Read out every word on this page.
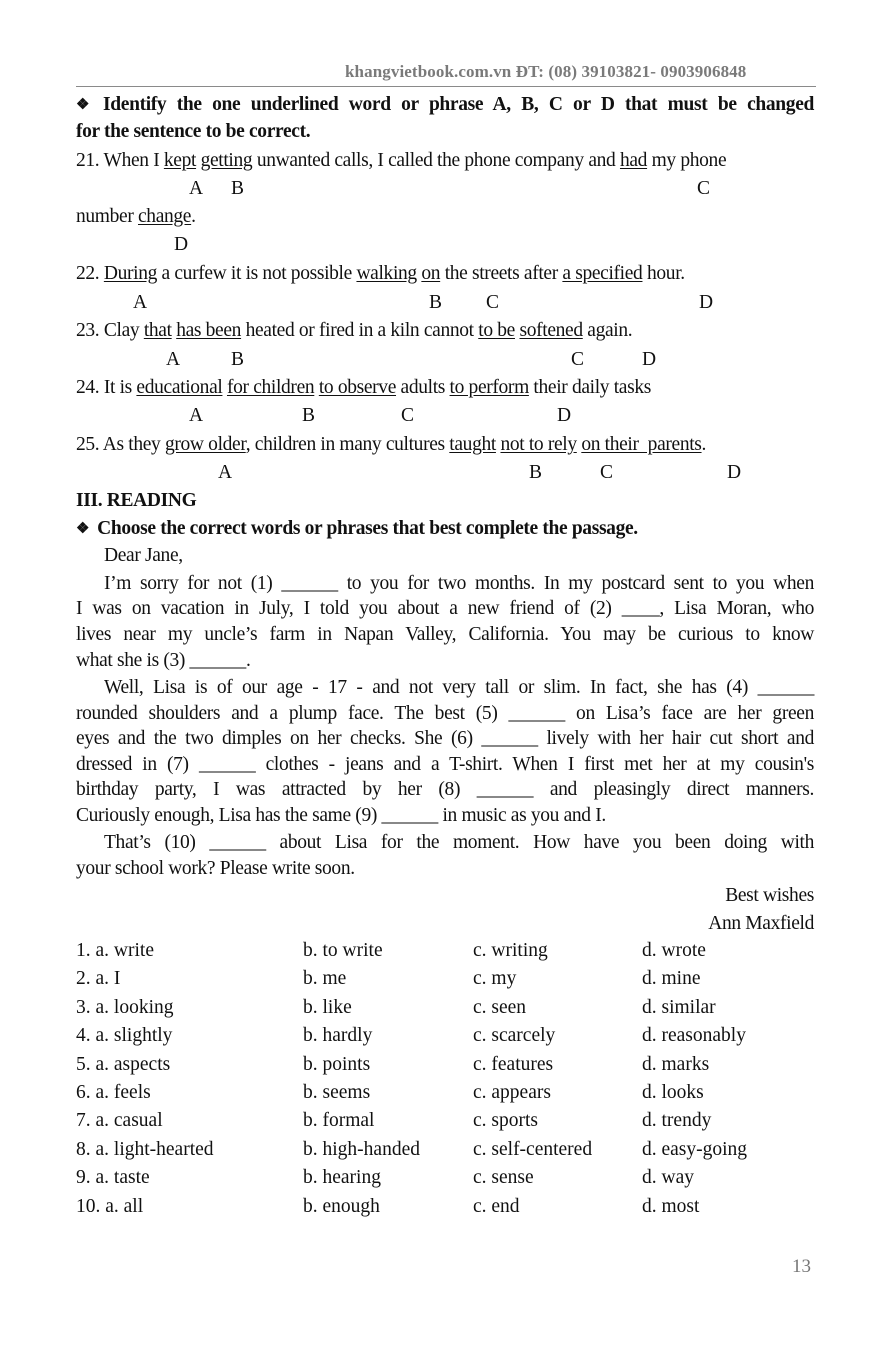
khangvietbook.com.vn ĐT: (08) 39103821- 0903906848
❖ Identify the one underlined word or phrase A, B, C or D that must be changed
for the sentence to be correct.
21. When I kept getting unwanted calls, I called the phone company and had my phone
A B	C
number change.
D
22. During a curfew it is not possible walking on the streets after a specified hour.
A	B C	D
23. Clay that has been heated or fired in a kiln cannot to be softened again.
A	B	C	D
24. It is educational for children to observe adults to perform their daily tasks
A	B	C	D
25. As they grow older, children in many cultures taught not to rely on their  parents.
A	B	C	D
III. READING
❖ Choose the correct words or phrases that best complete the passage.
Dear Jane,
I’m sorry for not (1) ______ to you for two months. In my postcard sent to you when
I was on vacation in July, I told you about a new friend of (2) ____, Lisa Moran, who
lives near my uncle’s farm in Napan Valley, California. You may be curious to know
what she is (3) ______.
Well, Lisa is of our age - 17 - and not very tall or slim. In fact, she has (4) ______
rounded shoulders and a plump face. The best (5) ______ on Lisa’s face are her green
eyes and the two dimples on her checks. She (6) ______ lively with her hair cut short and
dressed in (7) ______ clothes - jeans and a T-shirt. When I first met her at my cousin's
birthday party, I was attracted by her (8) ______ and pleasingly direct manners.
Curiously enough, Lisa has the same (9) ______ in music as you and I.
That’s (10) ______ about Lisa for the moment. How have you been doing with
your school work? Please write soon.
Best wishes
Ann Maxfield
1. a. write	b. to write	c. writing	d. wrote
2. a. I	b. me	c. my	d. mine
3. a. looking	b. like	c. seen	d. similar
4. a. slightly	b. hardly	c. scarcely	d. reasonably
5. a. aspects	b. points	c. features	d. marks
6. a. feels	b. seems	c. appears	d. looks
7. a. casual	b. formal	c. sports	d. trendy
8. a. light-hearted	b. high-handed	c. self-centered	d. easy-going
9. a. taste	b. hearing	c. sense	d. way
10. a. all	b. enough	c. end	d. most
13
